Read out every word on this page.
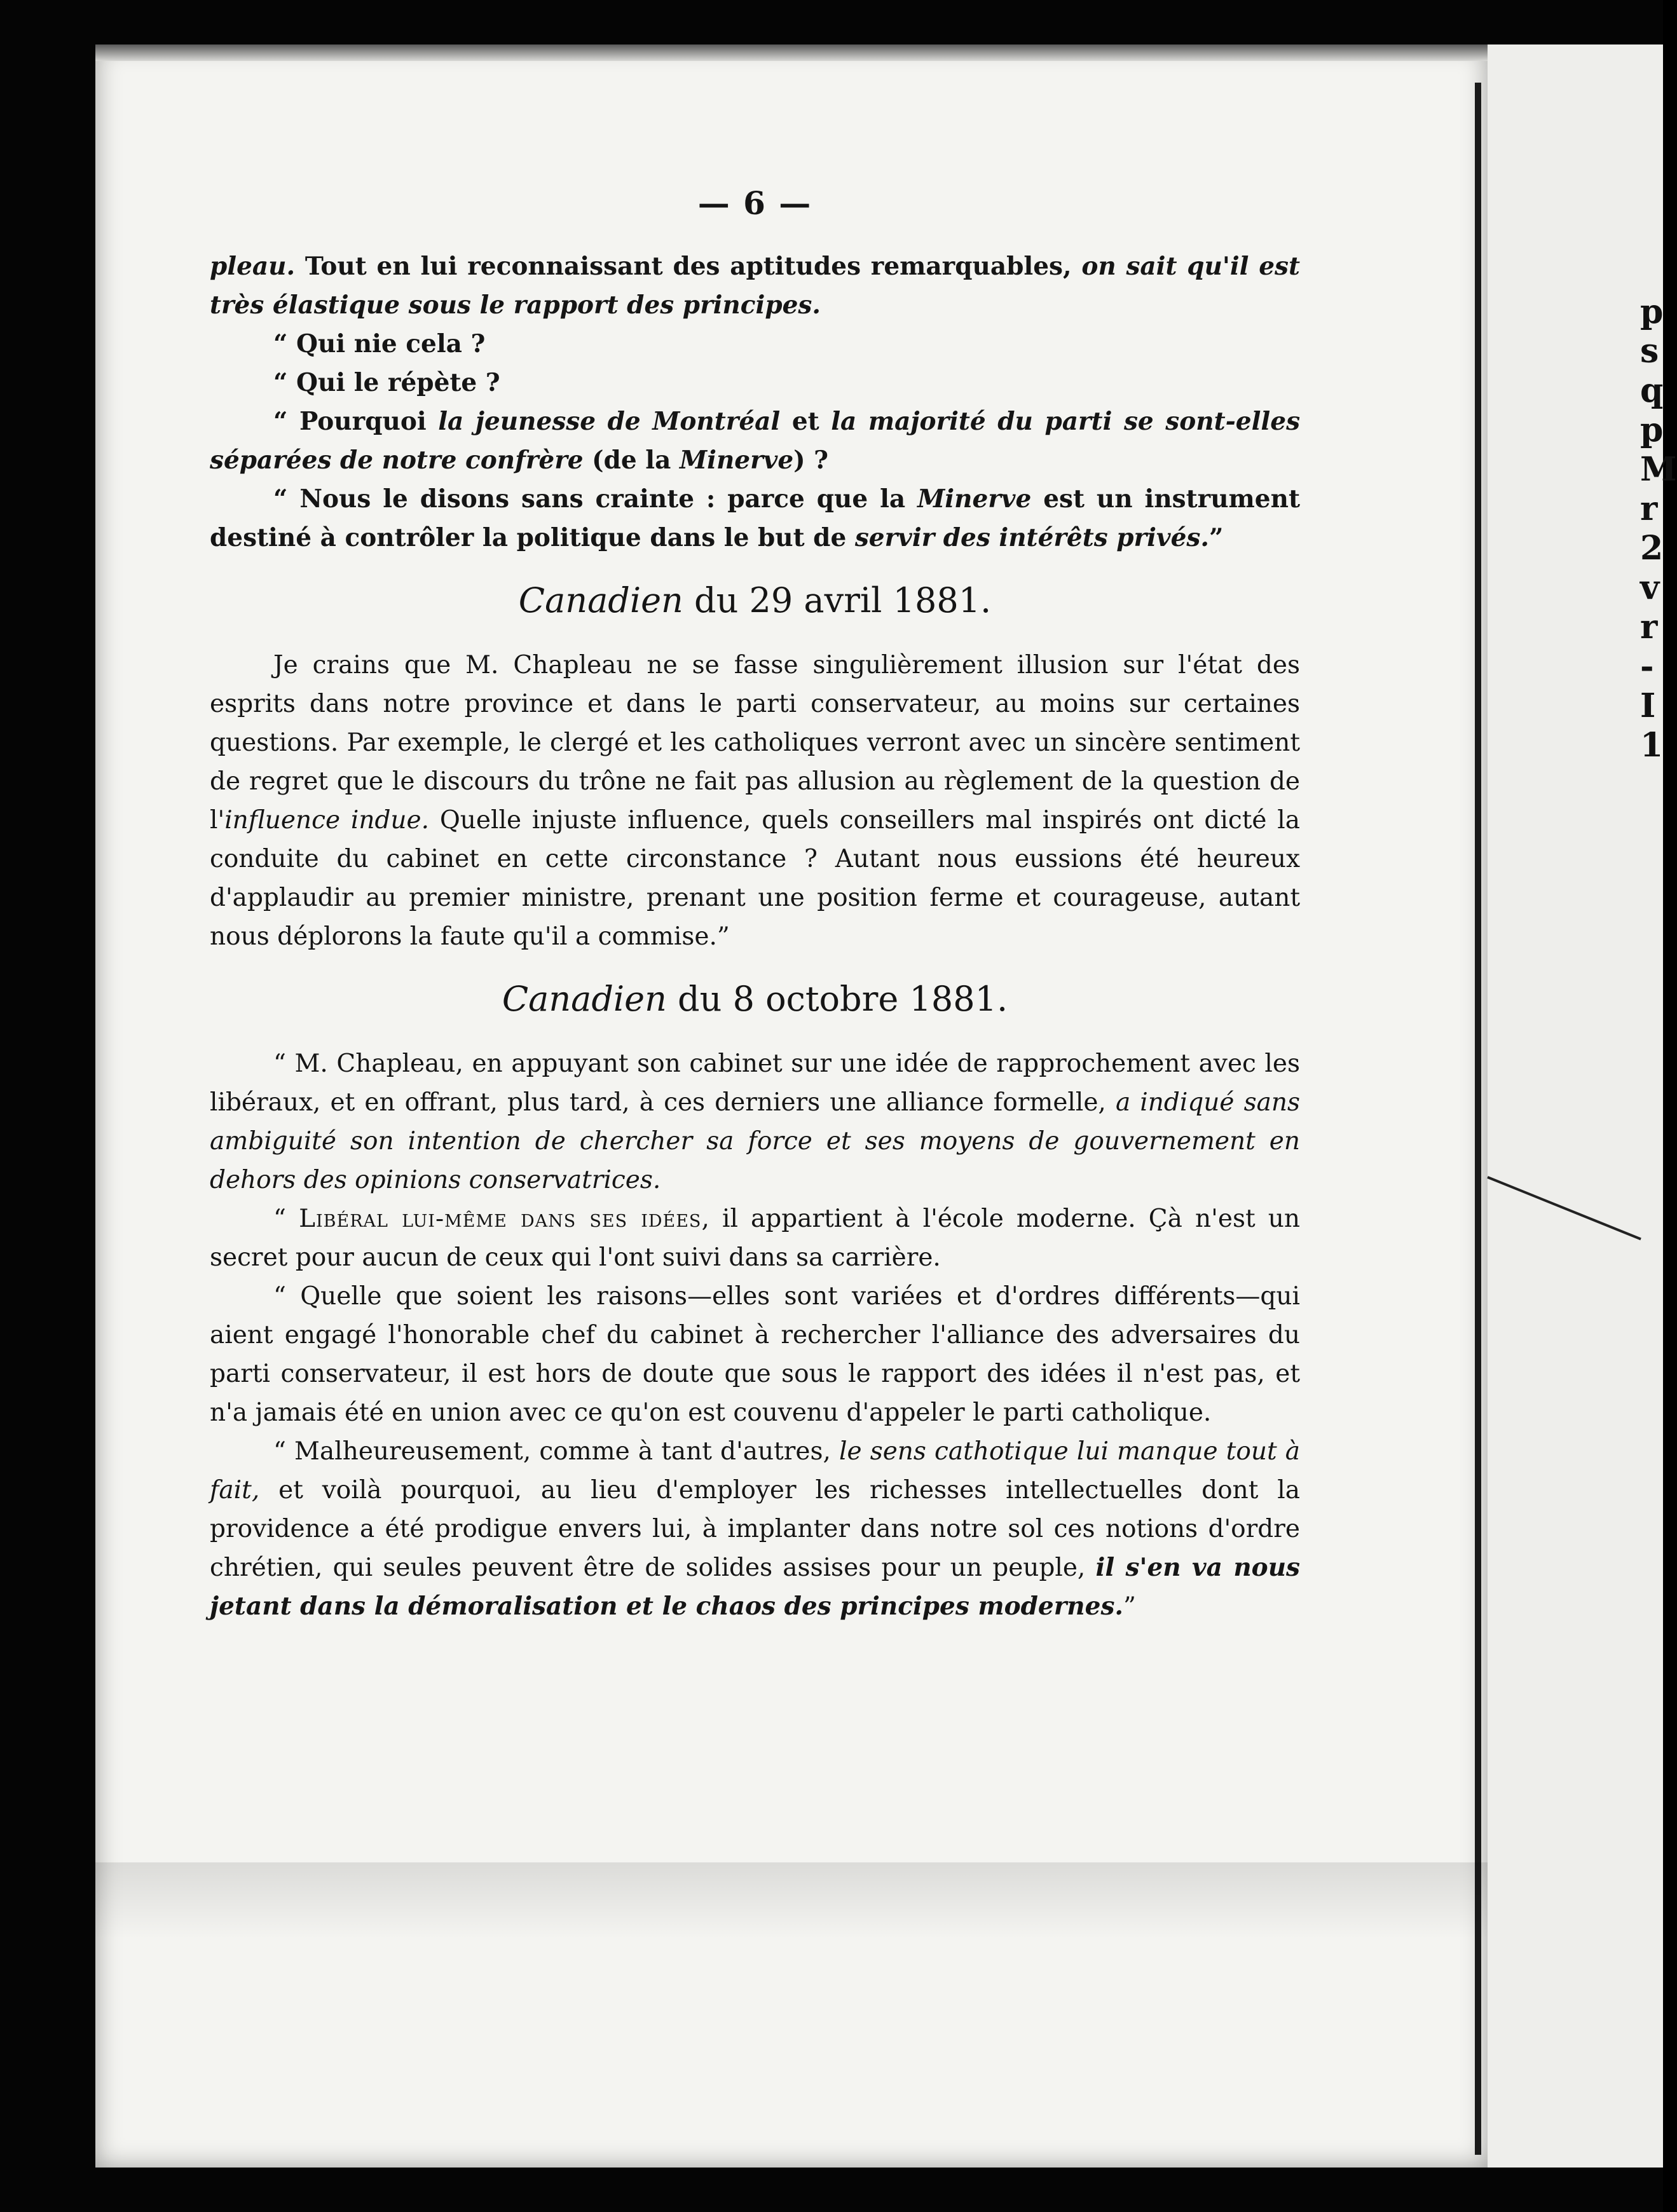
p
s
q
p
M
r
2
v
r
-I
1
— 6 —

pleau. Tout en lui reconnaissant des aptitudes remarquables, on sait qu'il est très élastique sous le rapport des principes.

“ Qui nie cela ?

“ Qui le répète ?

“ Pourquoi la jeunesse de Montréal et la majorité du parti se sont-elles séparées de notre confrère (de la Minerve) ?

“ Nous le disons sans crainte : parce que la Minerve est un instrument destiné à contrôler la politique dans le but de servir des intérêts privés.”

Canadien du 29 avril 1881.

Je crains que M. Chapleau ne se fasse singulièrement illusion sur l'état des esprits dans notre province et dans le parti conservateur, au moins sur certaines questions. Par exemple, le clergé et les catholiques verront avec un sincère sentiment de regret que le discours du trône ne fait pas allusion au règlement de la question de l'influence indue. Quelle injuste influence, quels conseillers mal inspirés ont dicté la conduite du cabinet en cette circonstance ? Autant nous eussions été heureux d'applaudir au premier ministre, prenant une position ferme et courageuse, autant nous déplorons la faute qu'il a commise.”

Canadien du 8 octobre 1881.

“ M. Chapleau, en appuyant son cabinet sur une idée de rapprochement avec les libéraux, et en offrant, plus tard, à ces derniers une alliance formelle, a indiqué sans ambiguité son intention de chercher sa force et ses moyens de gouvernement en dehors des opinions conservatrices.

“ Libéral lui-même dans ses idées, il appartient à l'école moderne. Çà n'est un secret pour aucun de ceux qui l'ont suivi dans sa carrière.

“ Quelle que soient les raisons—elles sont variées et d'ordres différents—qui aient engagé l'honorable chef du cabinet à rechercher l'alliance des adversaires du parti conservateur, il est hors de doute que sous le rapport des idées il n'est pas, et n'a jamais été en union avec ce qu'on est couvenu d'appeler le parti catholique.

“ Malheureusement, comme à tant d'autres, le sens cathotique lui manque tout à fait, et voilà pourquoi, au lieu d'employer les richesses intellectuelles dont la providence a été prodigue envers lui, à implanter dans notre sol ces notions d'ordre chrétien, qui seules peuvent être de solides assises pour un peuple, il s'en va nous jetant dans la démoralisation et le chaos des principes modernes.”
